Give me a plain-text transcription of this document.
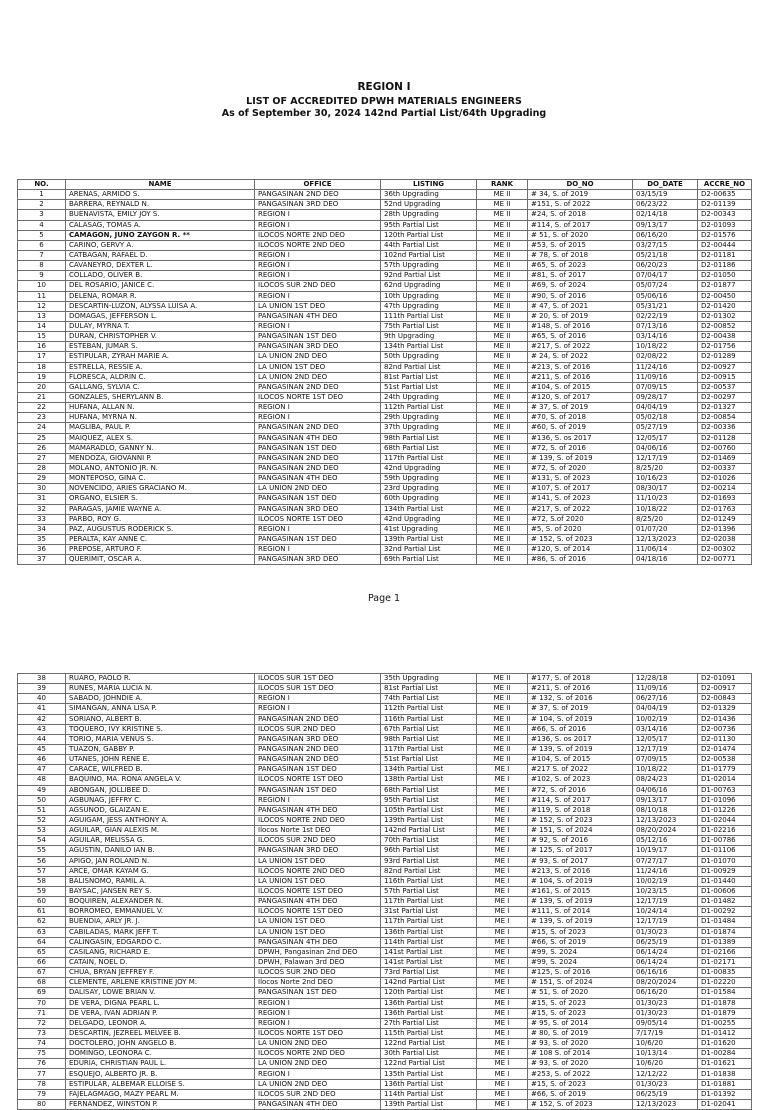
REGION I
LIST OF ACCREDITED DPWH MATERIALS ENGINEERS
As of September 30, 2024 142nd Partial List/64th Upgrading
NO.	NAME	OFFICE	LISTING	RANK	DO_NO	DO_DATE	ACCRE_NO
1	ARENAS, ARMIDO S.	PANGASINAN 2ND DEO	36th Upgrading	ME II	# 34, S. of 2019	03/15/19	D2-00635
2	BARRERA, REYNALD N.	PANGASINAN 3RD DEO	52nd Upgrading	ME II	#151, S. of 2022	06/23/22	D2-01139
3	BUENAVISTA, EMILY JOY S.	REGION I	28th Upgrading	ME II	#24, S. of 2018	02/14/18	D2-00343
4	CALASAG, TOMAS A.	REGION I	95th Partial List	ME II	#114, S. of 2017	09/13/17	D2-01093
5	CAMAGON, JUNO ZAYGON R. **	ILOCOS NORTE 2ND DEO	120th Partial List	ME II	# 51, S. of 2020	06/16/20	D2-01576
6	CARINO, GERVY A.	ILOCOS NORTE 2ND DEO	44th Partial List	ME II	#53, S. of 2015	03/27/15	D2-00444
7	CATBAGAN, RAFAEL D.	REGION I	102nd Partial List	ME II	# 78, S. of 2018	05/21/18	D2-01181
8	CAVANEYRO, DEXTER L.	REGION I	57th Upgrading	ME II	#65, S. of 2023	06/20/23	D2-01186
9	COLLADO, OLIVER B.	REGION I	92nd Partial List	ME II	#81, S. of 2017	07/04/17	D2-01050
10	DEL ROSARIO, JANICE C.	ILOCOS SUR 2ND DEO	62nd Upgrading	ME II	#69, S. of 2024	05/07/24	D2-01877
11	DELEÑA, ROMAR R.	REGION I	10th Upgrading	ME II	#90, S. of 2016	05/06/16	D2-00450
12	DESCARTIN-LUZON, ALYSSA LUISA A.	LA UNION 1ST DEO	47th Upgrading	ME II	# 47, S. of 2021	05/31/21	D2-01420
13	DOMAGAS, JEFFERSON L.	PANGASINAN 4TH DEO	111th Partial List	ME II	# 20, S. of 2019	02/22/19	D2-01302
14	DULAY, MYRNA T.	REGION I	75th Partial List	ME II	#148, S. of 2016	07/13/16	D2-00852
15	DURAN, CHRISTOPHER V.	PANGASINAN 1ST DEO	9th Upgrading	ME II	#65, S. of 2016	03/14/16	D2-00438
16	ESTEBAN, JUMAR S.	PANGASINAN 3RD DEO	134th Partial List	ME II	#217, S. of 2022	10/18/22	D2-01756
17	ESTIPULAR, ZYRAH MARIE A.	LA UNION 2ND DEO	50th Upgrading	ME II	# 24, S. of 2022	02/08/22	D2-01289
18	ESTRELLA, RESSIE A.	LA UNION 1ST DEO	82nd Partial List	ME II	#213, S. of 2016	11/24/16	D2-00927
19	FLORESCA, ALDRIN C.	LA UNION 2ND DEO	81st Partial List	ME II	#211, S. of 2016	11/09/16	D2-00915
20	GALLANG, SYLVIA C.	PANGASINAN 2ND DEO	51st Partial List	ME II	#104, S. of 2015	07/09/15	D2-00537
21	GONZALES, SHERYLANN B.	ILOCOS NORTE 1ST DEO	24th Upgrading	ME II	#120, S. of 2017	09/28/17	D2-00297
22	HUFANA, ALLAN N.	REGION I	112th Partial List	ME II	# 37, S. of 2019	04/04/19	D2-01327
23	HUFANA, MYRNA N.	REGION I	29th Upgrading	ME II	#70, S. of 2018	05/02/18	D2-00854
24	MAGLIBA, PAUL P.	PANGASINAN 2ND DEO	37th Upgrading	ME II	#60, S. of 2019	05/27/19	D2-00336
25	MAIQUEZ, ALEX S.	PANGASINAN 4TH DEO	98th Partial List	ME II	#136, S. os 2017	12/05/17	D2-01128
26	MAMARADLO, GANNY N.	PANGASINAN 1ST DEO	68th Partial List	ME II	#72, S. of 2016	04/06/16	D2-00760
27	MENDOZA, GIOVANNI P.	PANGASINAN 2ND DEO	117th Partial List	ME II	# 139, S. of 2019	12/17/19	D2-01469
28	MOLANO, ANTONIO JR. N.	PANGASINAN 2ND DEO	42nd Upgrading	ME II	#72, S. of 2020	8/25/20	D2-00337
29	MONTEPOSO, GINA C.	PANGASINAN 4TH DEO	59th Upgrading	ME II	#131, S. of 2023	10/16/23	D2-01026
30	NOVENCIDO, ARIES GRACIANO M.	LA UNION 2ND DEO	23rd Upgrading	ME II	#107, S. of 2017	08/30/17	D2-00214
31	ORGANO, ELSIER S.	PANGASINAN 1ST DEO	60th Upgrading	ME II	#141, S. of 2023	11/10/23	D2-01693
32	PARAGAS, JAMIE WAYNE A.	PANGASINAN 3RD DEO	134th Partial List	ME II	#217, S. of 2022	10/18/22	D2-01763
33	PARBO, ROY G.	ILOCOS NORTE 1ST DEO	42nd Upgrading	ME II	#72, S.of 2020	8/25/20	D2-01249
34	PAZ, AUGUSTUS RODERICK S.	REGION I	41st Upgrading	ME II	#5, S. of 2020	01/07/20	D2-01396
35	PERALTA, KAY ANNE C.	PANGASINAN 1ST DEO	139th Partial List	ME II	# 152, S. of 2023	12/13/2023	D2-02038
36	PREPOSE, ARTURO F.	REGION I	32nd Partial List	ME II	#120, S. of 2014	11/06/14	D2-00302
37	QUERIMIT, OSCAR A.	PANGASINAN 3RD DEO	69th Partial List	ME II	#86, S. of 2016	04/18/16	D2-00771
Page 1
38	RUARO, PAOLO R.	ILOCOS SUR 1ST DEO	35th Upgrading	ME II	#177, S. of 2018	12/28/18	D2-01091
39	RUNES, MARIA LUCIA N.	ILOCOS SUR 1ST DEO	81st Partial List	ME II	#211, S. of 2016	11/09/16	D2-00917
40	SABADO, JOHNDIE A.	REGION I	74th Partial List	ME II	# 132, S. of 2016	06/27/16	D2-00843
41	SIMANGAN, ANNA LISA P.	REGION I	112th Partial List	ME II	# 37, S. of 2019	04/04/19	D2-01329
42	SORIANO, ALBERT B.	PANGASINAN 2ND DEO	116th Partial List	ME II	# 104, S. of 2019	10/02/19	D2-01436
43	TOQUERO, IVY KRISTINE S.	ILOCOS SUR 2ND DEO	67th Partial List	ME II	#66, S. of 2016	03/14/16	D2-00736
44	TORIO, MARIA VENUS S.	PANGASINAN 3RD DEO	98th Partial List	ME II	#136, S. os 2017	12/05/17	D2-01130
45	TUAZON, GABBY P.	PANGASINAN 2ND DEO	117th Partial List	ME II	# 139, S. of 2019	12/17/19	D2-01474
46	UTANES, JOHN RENE E.	PANGASINAN 2ND DEO	51st Partial List	ME II	#104, S. of 2015	07/09/15	D2-00538
47	CARACE, WILFRED B.	PANGASINAN 1ST DEO	134th Partial List	ME I	#217 S. of 2022	10/18/22	D1-01779
48	BAQUIÑO, MA. RONA ANGELA V.	ILOCOS NORTE 1ST DEO	138th Partial List	ME I	#102, S. of 2023	08/24/23	D1-02014
49	ABONGAN, JOLLIBEE D.	PANGASINAN 1ST DEO	68th Partial List	ME I	#72, S. of 2016	04/06/16	D1-00763
50	AGBUNAG, JEFFRY C.	REGION I	95th Partial List	ME I	#114, S. of 2017	09/13/17	D1-01096
51	AGSUNOD, GLAIZAN E.	PANGASINAN 4TH DEO	105th Partial List	ME I	#119, S. of 2018	08/10/18	D1-01226
52	AGUIGAM, JESS ANTHONY A.	ILOCOS NORTE 2ND DEO	139th Partial List	ME I	# 152, S. of 2023	12/13/2023	D1-02044
53	AGUILAR, GIAN ALEXIS M.	Ilocos Norte 1st DEO	142nd Partial List	ME I	# 151, S. of 2024	08/20/2024	D1-02216
54	AGUILAR, MELISSA G.	ILOCOS SUR 2ND DEO	70th Partial List	ME I	# 92, S. of 2016	05/12/16	D1-00786
55	AGUSTIN, DANILO IAN B.	PANGASINAN 3RD DEO	96th Partial List	ME I	# 125, S. of 2017	10/19/17	D1-01106
56	APIGO, JAN ROLAND N.	LA UNION 1ST DEO	93rd Partial List	ME I	# 93, S. of 2017	07/27/17	D1-01070
57	ARCE, OMAR KAYAM G.	ILOCOS NORTE 2ND DEO	82nd Partial List	ME I	#213, S. of 2016	11/24/16	D1-00929
58	BALISNOMO, RAMIL A.	LA UNION 1ST DEO	116th Partial List	ME I	# 104, S. of 2019	10/02/19	D1-01440
59	BAYSAC, JANSEN REY S.	ILOCOS NORTE 1ST DEO	57th Partial List	ME I	#161, S. of 2015	10/23/15	D1-00606
60	BOQUIREN, ALEXANDER N.	PANGASINAN 4TH DEO	117th Partial List	ME I	# 139, S. of 2019	12/17/19	D1-01482
61	BORROMEO, EMMANUEL V.	ILOCOS NORTE 1ST DEO	31st Partial List	ME I	#111, S. of 2014	10/24/14	D1-00292
62	BUENDIA, ARLY JR. J.	LA UNION 1ST DEO	117th Partial List	ME I	# 139, S. of 2019	12/17/19	D1-01484
63	CABILADAS, MARK JEFF T.	LA UNION 1ST DEO	136th Partial List	ME I	#15, S. of 2023	01/30/23	D1-01874
64	CALINGASIN, EDGARDO C.	PANGASINAN 4TH DEO	114th Partial List	ME I	#66, S. of 2019	06/25/19	D1-01389
65	CASILANG, RICHARD E.	DPWH, Pangasinan 2nd DEO	141st Partial List	ME I	#99, S. 2024	06/14/24	D1-02166
66	CATAIN, NOEL D.	DPWH, Palawan 3rd DEO	141st Partial List	ME I	#99, S. 2024	06/14/24	D1-02171
67	CHUA, BRYAN JEFFREY F.	ILOCOS SUR 2ND DEO	73rd Partial List	ME I	#125, S. of 2016	06/16/16	D1-00835
68	CLEMENTE, ARLENE KRISTINE JOY M.	Ilocos Norte 2nd DEO	142nd Partial List	ME I	# 151, S. of 2024	08/20/2024	D1-02220
69	DALISAY, LOWE BRIAN V.	PANGASINAN 1ST DEO	120th Partial List	ME I	# 51, S. of 2020	06/16/20	D1-01584
70	DE VERA, DIGNA PEARL L.	REGION I	136th Partial List	ME I	#15, S. of 2023	01/30/23	D1-01878
71	DE VERA, IVAN ADRIAN P.	REGION I	136th Partial List	ME I	#15, S. of 2023	01/30/23	D1-01879
72	DELGADO, LEONOR A.	REGION I	27th Partial List	ME I	# 95, S. of 2014	09/05/14	D1-00255
73	DESCARTIN, JEZREEL MELVEE B.	ILOCOS NORTE 1ST DEO	115th Partial List	ME I	# 80, S. of 2019	7/17/19	D1-01412
74	DOCTOLERO, JOHN ANGELO B.	LA UNION 2ND DEO	122nd Partial List	ME I	# 93, S. of 2020	10/6/20	D1-01620
75	DOMINGO, LEONORA C.	ILOCOS NORTE 2ND DEO	30th Partial List	ME I	# 108 S. of 2014	10/13/14	D1-00284
76	EDURIA, CHRISTIAN PAUL L.	LA UNION 2ND DEO	122nd Partial List	ME I	# 93, S. of 2020	10/6/20	D1-01621
77	ESQUEJO, ALBERTO JR. B.	REGION I	135th Partial List	ME I	#253, S. of 2022	12/12/22	D1-01838
78	ESTIPULAR, ALBEMAR ELLOISE S.	LA UNION 2ND DEO	136th Partial List	ME I	#15, S. of 2023	01/30/23	D1-01881
79	FAJELAGMAGO, MAZY PEARL M.	ILOCOS SUR 2ND DEO	114th Partial List	ME I	#66, S. of 2019	06/25/19	D1-01392
80	FERNANDEZ, WINSTON P.	PANGASINAN 4TH DEO	139th Partial List	ME I	# 152, S. of 2023	12/13/2023	D1-02041
